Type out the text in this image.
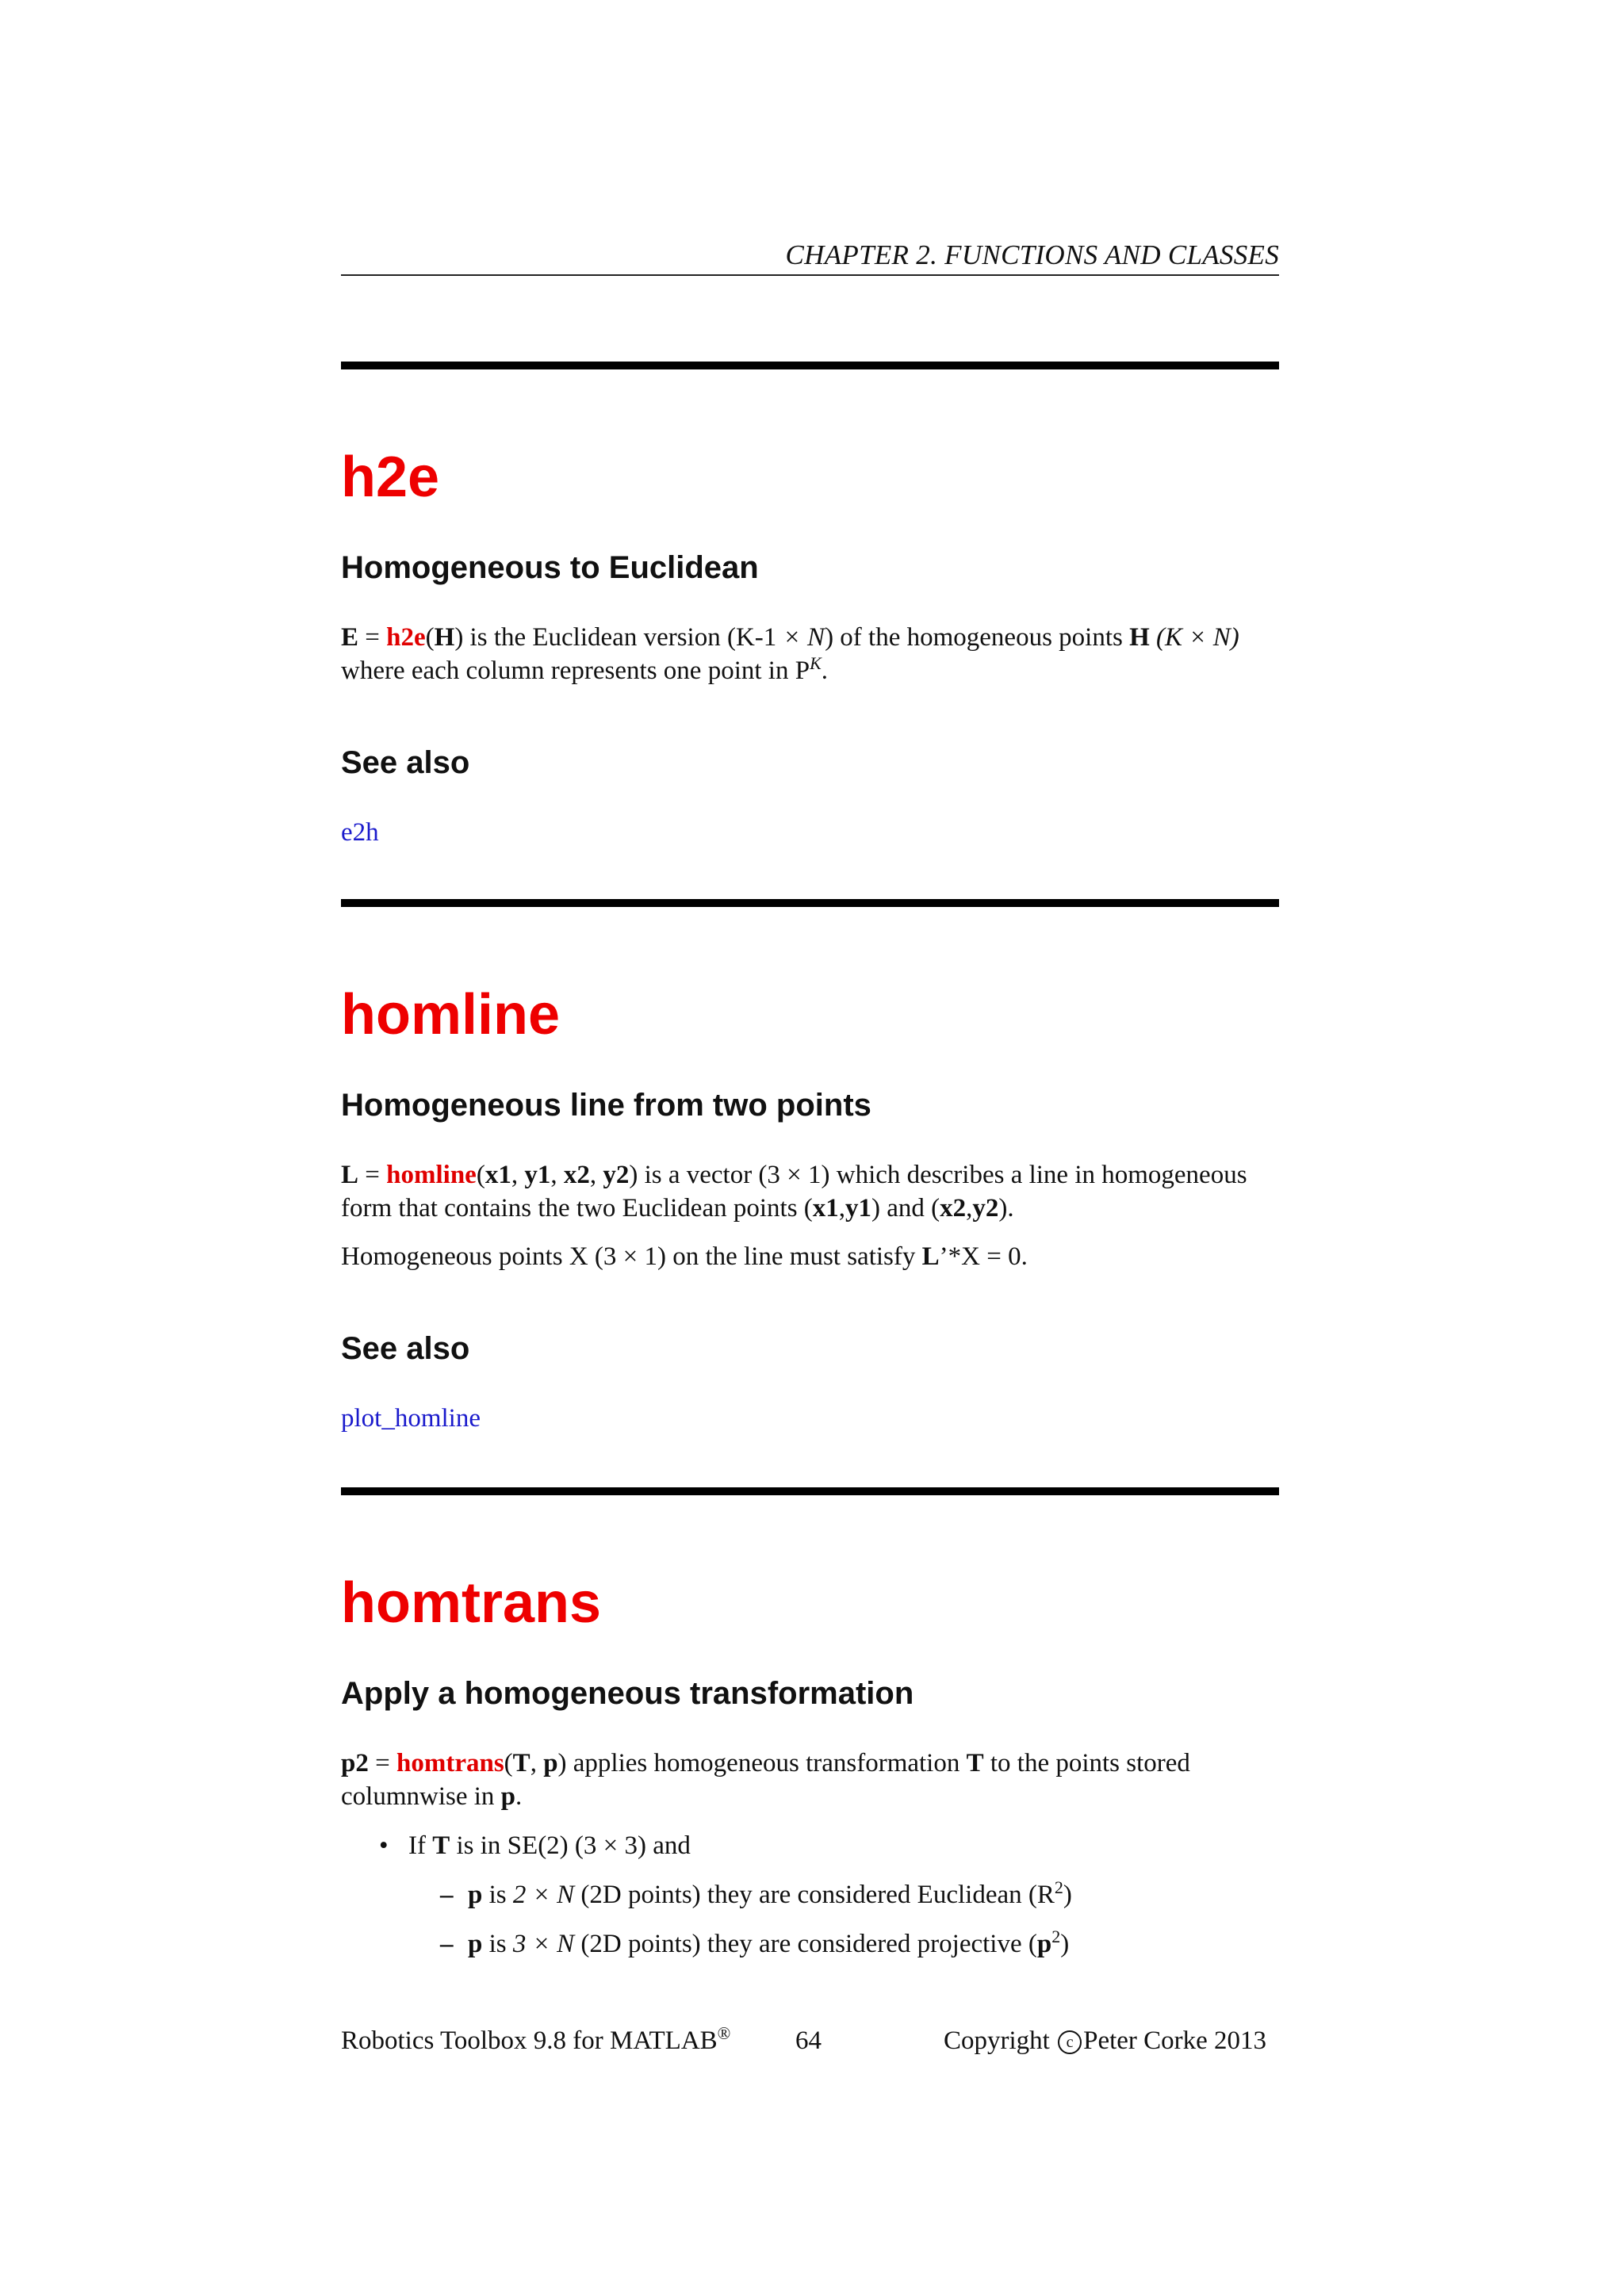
CHAPTER 2. FUNCTIONS AND CLASSES
h2e
Homogeneous to Euclidean

E = h2e(H) is the Euclidean version (K-1 × N) of the homogeneous points H (K × N)

where each column represents one point in $P^K$.

See also
e2h
homline
Homogeneous line from two points

L = homline(x1, y1, x2, y2) is a vector (3 × 1) which describes a line in homogeneous

form that contains the two Euclidean points (x1,y1) and (x2,y2).

Homogeneous points X (3 × 1) on the line must satisfy L’*X = 0.

See also
plot_homline
homtrans
Apply a homogeneous transformation

p2 = homtrans(T, p) applies homogeneous transformation T to the points stored

columnwise in p.

• If T is in SE(2) (3 × 3) and

– p is 2 × N (2D points) they are considered Euclidean $(R^2)$

– p is 3 × N (2D points) they are considered projective $(p^2)$

Robotics Toolbox 9.8 for MATLAB® 64	Copyright c Peter Corke 2013
